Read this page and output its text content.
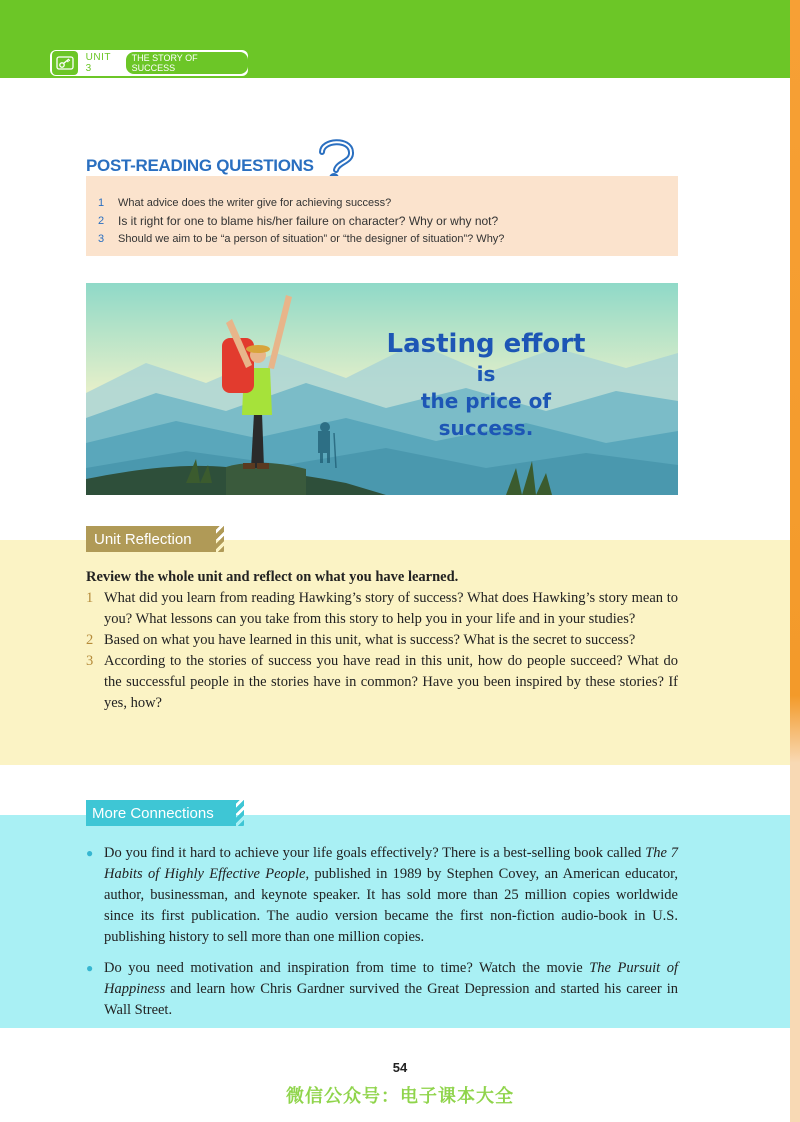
UNIT 3
THE STORY OF SUCCESS
POST-READING QUESTIONS
1	What advice does the writer give for achieving success?
2	Is it right for one to blame his/her failure on character? Why or why not?
3	Should we aim to be “a person of situation” or “the designer of situation”? Why?
Lasting effort
is
the price of
success.
Unit Reflection
Review the whole unit and reflect on what you have learned.
1 What did you learn from reading Hawking’s story of success? What does Hawking’s story mean to you? What lessons can you take from this story to help you in your life and in your studies?
2 Based on what you have learned in this unit, what is success? What is the secret to success?
3 According to the stories of success you have read in this unit, how do people succeed? What do the successful people in the stories have in common? Have you been inspired by these stories? If yes, how?
More Connections
● Do you find it hard to achieve your life goals effectively? There is a best-selling book called The 7 Habits of Highly Effective People, published in 1989 by Stephen Covey, an American educator, author, businessman, and keynote speaker. It has sold more than 25 million copies worldwide since its first publication. The audio version became the first non-fiction audio-book in U.S. publishing history to sell more than one million copies.
● Do you need motivation and inspiration from time to time? Watch the movie The Pursuit of Happiness and learn how Chris Gardner survived the Great Depression and started his career in Wall Street.
54
微信公众号：电子课本大全
